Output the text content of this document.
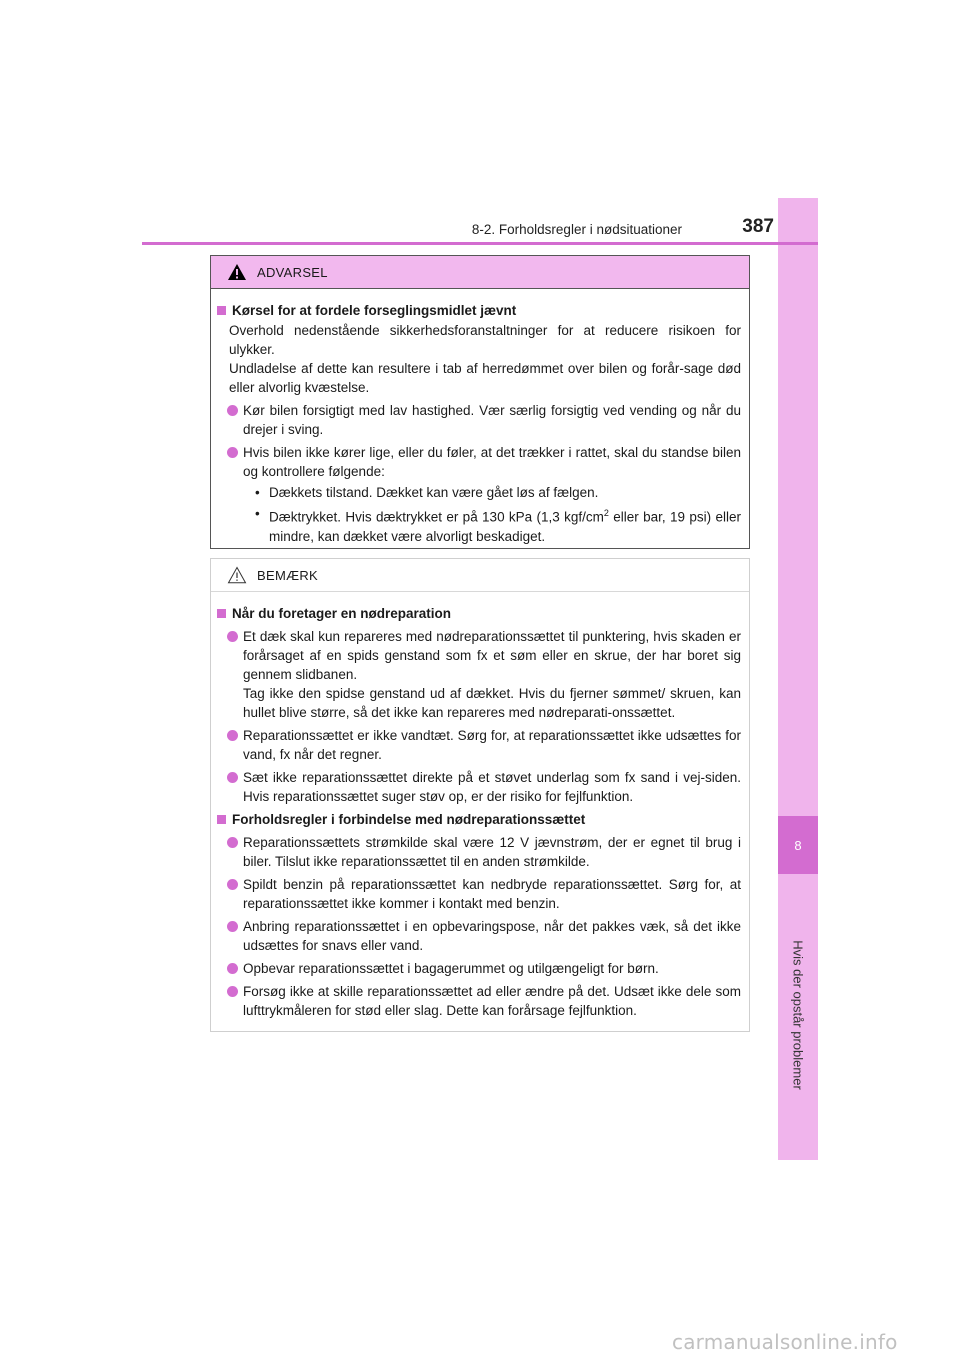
8
Hvis der opstår problemer
8-2. Forholdsregler i nødsituationer	387
ADVARSEL
Kørsel for at fordele forseglingsmidlet jævnt
Overhold nedenstående sikkerhedsforanstaltninger for at reducere risikoen for ulykker.
Undladelse af dette kan resultere i tab af herredømmet over bilen og forår-sage død eller alvorlig kvæstelse.
Kør bilen forsigtigt med lav hastighed. Vær særlig forsigtig ved vending og når du drejer i sving.
Hvis bilen ikke kører lige, eller du føler, at det trækker i rattet, skal du standse bilen og kontrollere følgende:
• Dækkets tilstand. Dækket kan være gået løs af fælgen.
• Dæktrykket. Hvis dæktrykket er på 130 kPa (1,3 kgf/$cm^2$ eller bar, 19 psi) eller mindre, kan dækket være alvorligt beskadiget.
BEMÆRK
Når du foretager en nødreparation
Et dæk skal kun repareres med nødreparationssættet til punktering, hvis skaden er forårsaget af en spids genstand som fx et søm eller en skrue, der har boret sig gennem slidbanen.
Tag ikke den spidse genstand ud af dækket. Hvis du fjerner sømmet/ skruen, kan hullet blive større, så det ikke kan repareres med nødreparati-onssættet.
Reparationssættet er ikke vandtæt. Sørg for, at reparationssættet ikke udsættes for vand, fx når det regner.
Sæt ikke reparationssættet direkte på et støvet underlag som fx sand i vej-siden. Hvis reparationssættet suger støv op, er der risiko for fejlfunktion.
Forholdsregler i forbindelse med nødreparationssættet
Reparationssættets strømkilde skal være 12 V jævnstrøm, der er egnet til brug i biler. Tilslut ikke reparationssættet til en anden strømkilde.
Spildt benzin på reparationssættet kan nedbryde reparationssættet. Sørg for, at reparationssættet ikke kommer i kontakt med benzin.
Anbring reparationssættet i en opbevaringspose, når det pakkes væk, så det ikke udsættes for snavs eller vand.
Opbevar reparationssættet i bagagerummet og utilgængeligt for børn.
Forsøg ikke at skille reparationssættet ad eller ændre på det. Udsæt ikke dele som lufttrykmåleren for stød eller slag. Dette kan forårsage fejlfunktion.
carmanualsonline.info
